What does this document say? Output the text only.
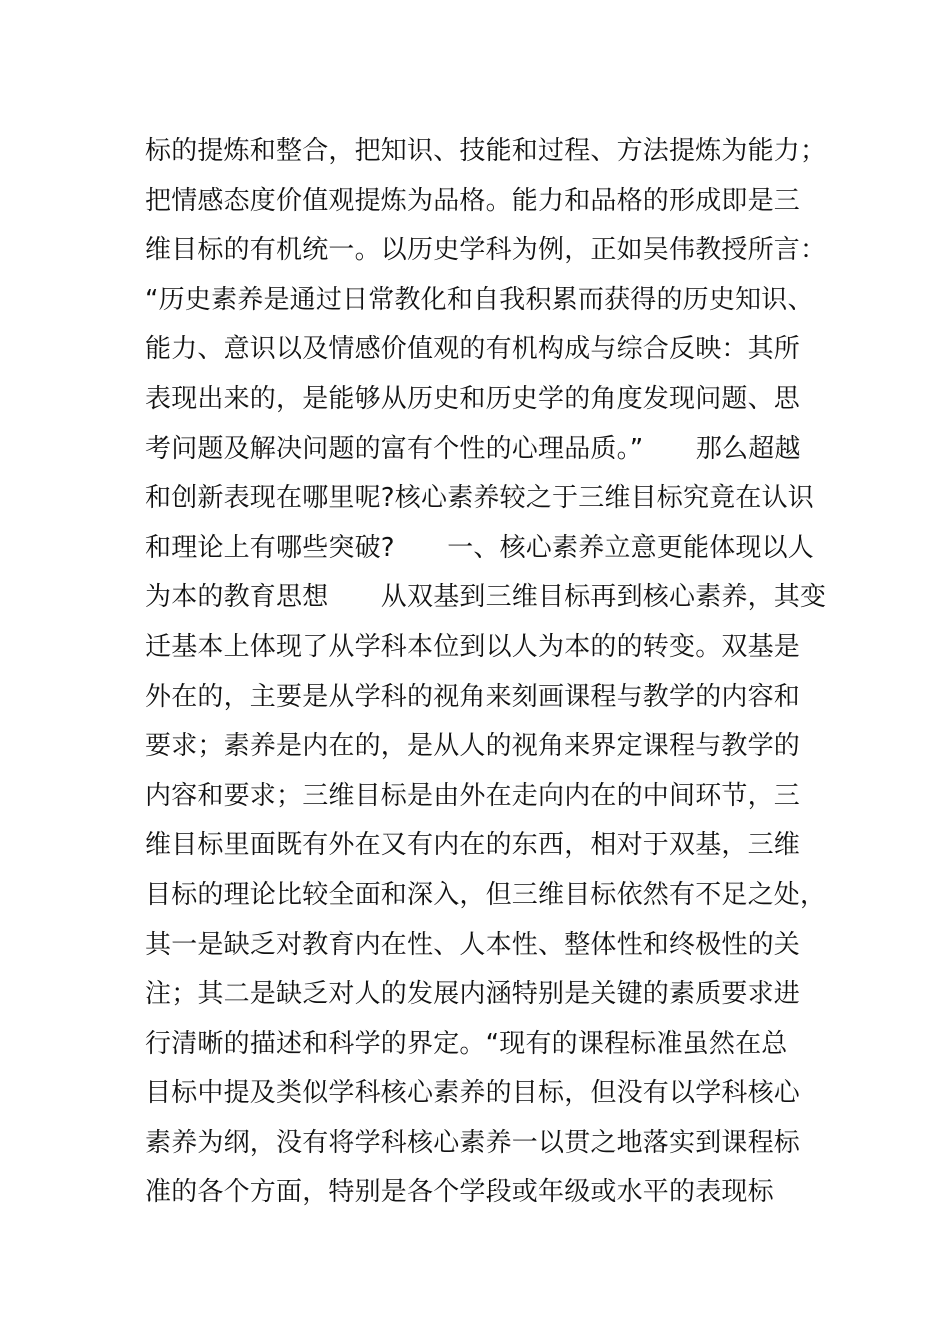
标的提炼和整合，把知识、技能和过程、方法提炼为能力；
把情感态度价值观提炼为品格。能力和品格的形成即是三
维目标的有机统一。以历史学科为例，正如吴伟教授所言：
“历史素养是通过日常教化和自我积累而获得的历史知识、
能力、意识以及情感价值观的有机构成与综合反映：其所
表现出来的，是能够从历史和历史学的角度发现问题、思
考问题及解决问题的富有个性的心理品质。”　　那么超越
和创新表现在哪里呢?核心素养较之于三维目标究竟在认识
和理论上有哪些突破?　　一、核心素养立意更能体现以人
为本的教育思想　　从双基到三维目标再到核心素养，其变
迁基本上体现了从学科本位到以人为本的的转变。双基是
外在的，主要是从学科的视角来刻画课程与教学的内容和
要求；素养是内在的，是从人的视角来界定课程与教学的
内容和要求；三维目标是由外在走向内在的中间环节，三
维目标里面既有外在又有内在的东西，相对于双基，三维
目标的理论比较全面和深入，但三维目标依然有不足之处，
其一是缺乏对教育内在性、人本性、整体性和终极性的关
注；其二是缺乏对人的发展内涵特别是关键的素质要求进
行清晰的描述和科学的界定。“现有的课程标准虽然在总
目标中提及类似学科核心素养的目标，但没有以学科核心
素养为纲，没有将学科核心素养一以贯之地落实到课程标
准的各个方面，特别是各个学段或年级或水平的表现标
